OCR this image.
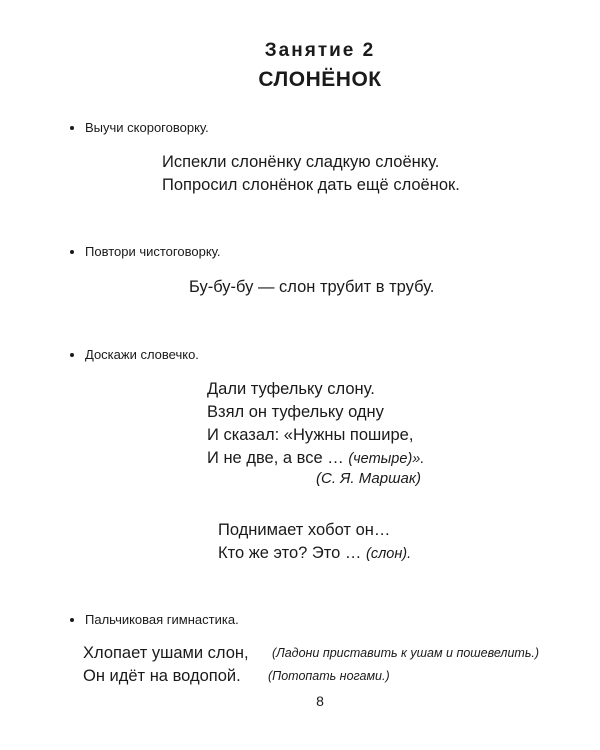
Занятие 2
СЛОНЁНОК
Выучи скороговорку.
Испекли слонёнку сладкую слоёнку.
Попросил слонёнок дать ещё слоёнок.
Повтори чистоговорку.
Бу-бу-бу — слон трубит в трубу.
Доскажи словечко.
Дали туфельку слону.
Взял он туфельку одну
И сказал: «Нужны пошире,
И не две, а все … (четыре)».
(С. Я. Маршак)
Поднимает хобот он…
Кто же это? Это … (слон).
Пальчиковая гимнастика.
Хлопает ушами слон, (Ладони приставить к ушам и пошевелить.)
Он идёт на водопой. (Потопать ногами.)
8
